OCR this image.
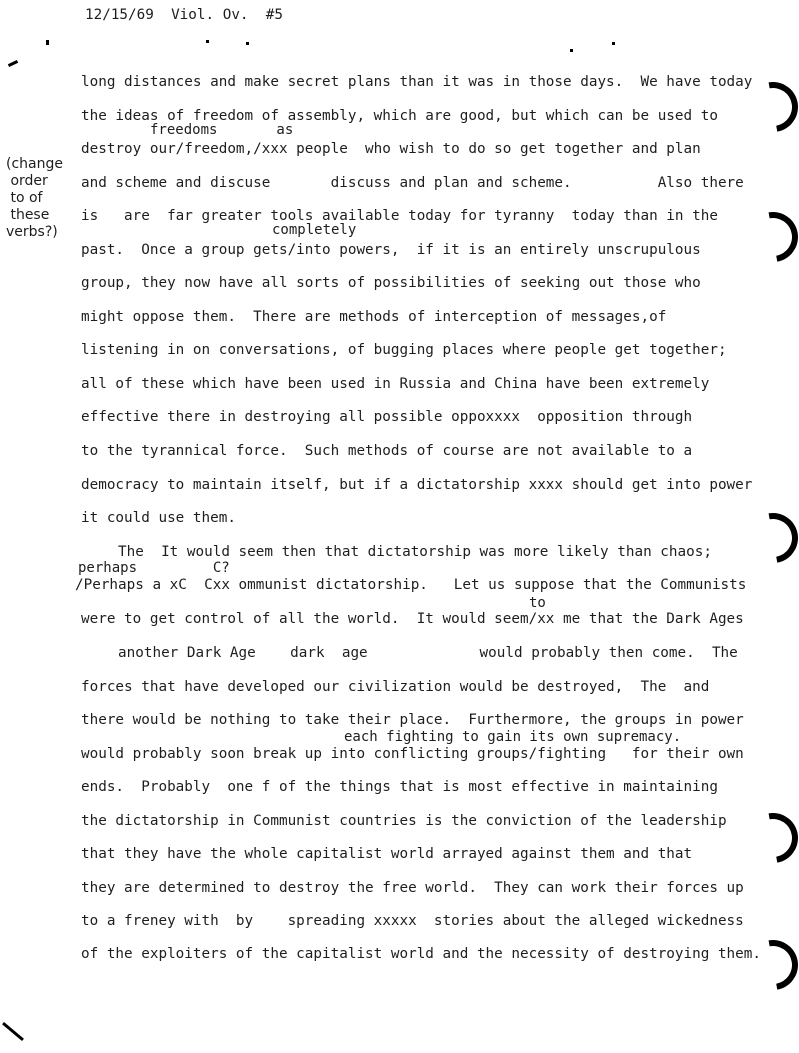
12/15/69  Viol. Ov.  #5
(change
order
to of
these
verbs?)
freedoms       as
completely
perhaps         C?
to
each fighting to gain its own supremacy.
long distances and make secret plans than it was in those days.  We have today
the ideas of freedom of assembly, which are good, but which can be used to
destroy our/freedom,/xxx people  who wish to do so get together and plan
and scheme and discuse       discuss and plan and scheme.          Also there
is   are  far greater tools available today for tyranny  today than in the
past.  Once a group gets/into powers,  if it is an entirely unscrupulous
group, they now have all sorts of possibilities of seeking out those who
might oppose them.  There are methods of interception of messages,of
listening in on conversations, of bugging places where people get together;
all of these which have been used in Russia and China have been extremely
effective there in destroying all possible oppoxxxx  opposition through
to the tyrannical force.  Such methods of course are not available to a
democracy to maintain itself, but if a dictatorship xxxx should get into power
it could use them.
The  It would seem then that dictatorship was more likely than chaos;
/Perhaps a xC  Cxx ommunist dictatorship.   Let us suppose that the Communists
were to get control of all the world.  It would seem/xx me that the Dark Ages
another Dark Age    dark  age             would probably then come.  The
forces that have developed our civilization would be destroyed,  The  and
there would be nothing to take their place.  Furthermore, the groups in power
would probably soon break up into conflicting groups/fighting   for their own
ends.  Probably  one f of the things that is most effective in maintaining
the dictatorship in Communist countries is the conviction of the leadership
that they have the whole capitalist world arrayed against them and that
they are determined to destroy the free world.  They can work their forces up
to a freney with  by    spreading xxxxx  stories about the alleged wickedness
of the exploiters of the capitalist world and the necessity of destroying them.
